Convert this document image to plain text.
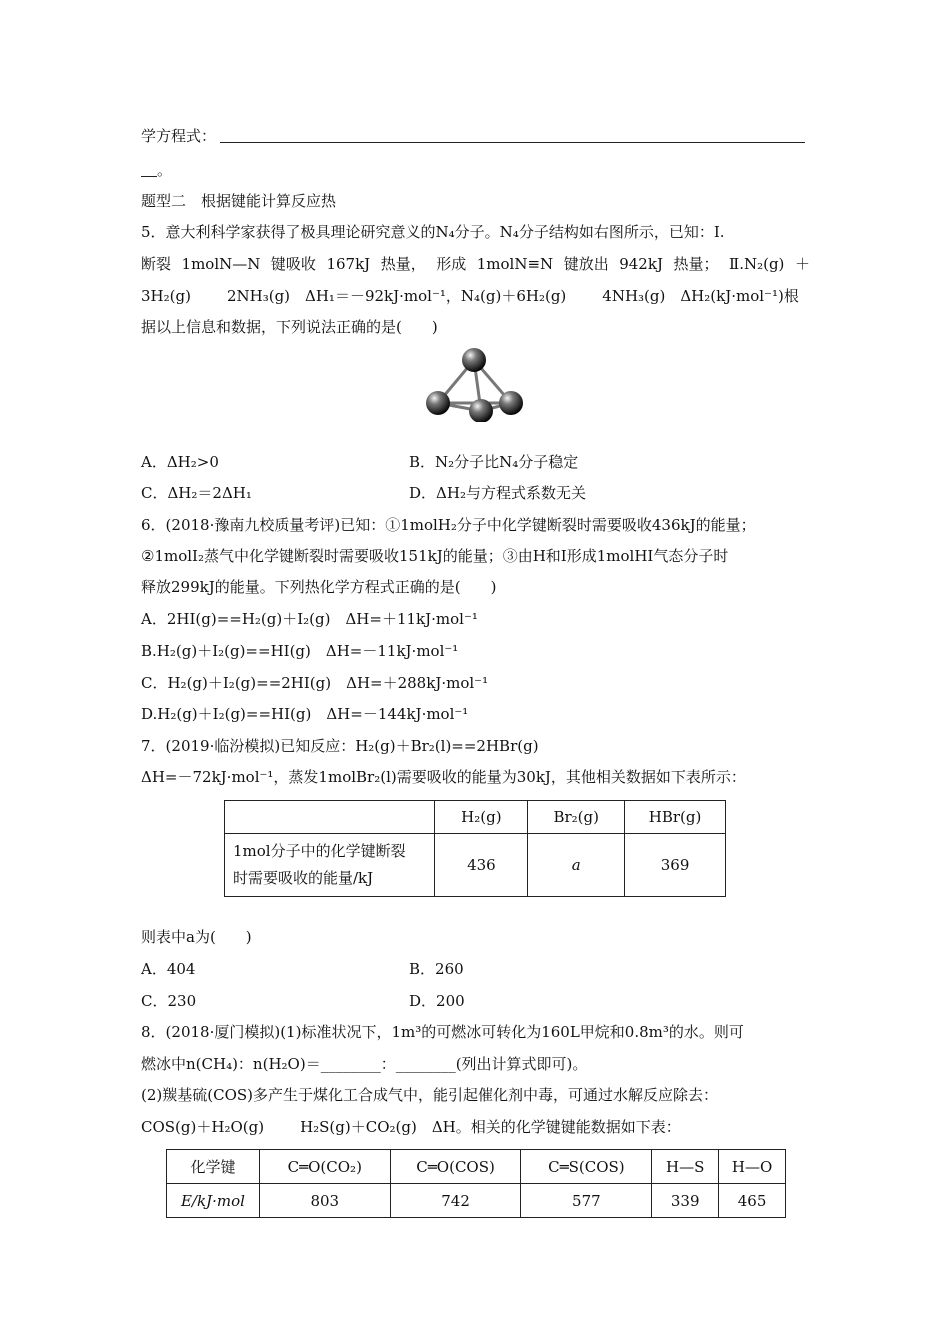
学方程式：
。
题型二　根据键能计算反应热
5．意大利科学家获得了极具理论研究意义的N₄分子。N₄分子结构如右图所示，已知：Ⅰ.
断裂 1molN—N 键吸收 167kJ 热量， 形成 1molN≡N 键放出 942kJ 热量； Ⅱ.N₂(g) ＋
3H₂(g) 2NH₃(g)　ΔH₁＝－92kJ·mol⁻¹，N₄(g)＋6H₂(g) 4NH₃(g)　ΔH₂(kJ·mol⁻¹)根
据以上信息和数据，下列说法正确的是(　　)
A．ΔH₂>0	B．N₂分子比N₄分子稳定
C．ΔH₂＝2ΔH₁	D．ΔH₂与方程式系数无关
6．(2018·豫南九校质量考评)已知：①1molH₂分子中化学键断裂时需要吸收436kJ的能量；
②1molI₂蒸气中化学键断裂时需要吸收151kJ的能量；③由H和I形成1molHI气态分子时
释放299kJ的能量。下列热化学方程式正确的是(　　)
A．2HI(g)==H₂(g)＋I₂(g)　ΔH=＋11kJ·mol⁻¹
B.H₂(g)＋I₂(g)==HI(g)　ΔH=－11kJ·mol⁻¹
C．H₂(g)＋I₂(g)==2HI(g)　ΔH=＋288kJ·mol⁻¹
D.H₂(g)＋I₂(g)==HI(g)　ΔH=－144kJ·mol⁻¹
7．(2019·临汾模拟)已知反应：H₂(g)＋Br₂(l)==2HBr(g)
ΔH=－72kJ·mol⁻¹，蒸发1molBr₂(l)需要吸收的能量为30kJ，其他相关数据如下表所示：
	H₂(g)	Br₂(g)	HBr(g)

1mol分子中的化学键断裂
时需要吸收的能量/kJ	436	a	369
则表中a为(　　)
A．404	B．260
C．230	D．200
8．(2018·厦门模拟)(1)标准状况下，1m³的可燃冰可转化为160L甲烷和0.8m³的水。则可
燃冰中n(CH₄)：n(H₂O)＝________：________(列出计算式即可)。
(2)羰基硫(COS)多产生于煤化工合成气中，能引起催化剂中毒，可通过水解反应除去：
COS(g)＋H₂O(g) H₂S(g)＋CO₂(g)　ΔH。相关的化学键键能数据如下表：
化学键	C═O(CO₂)	C═O(COS)	C═S(COS)	H—S	H—O
E/kJ·mol	803	742	577	339	465
